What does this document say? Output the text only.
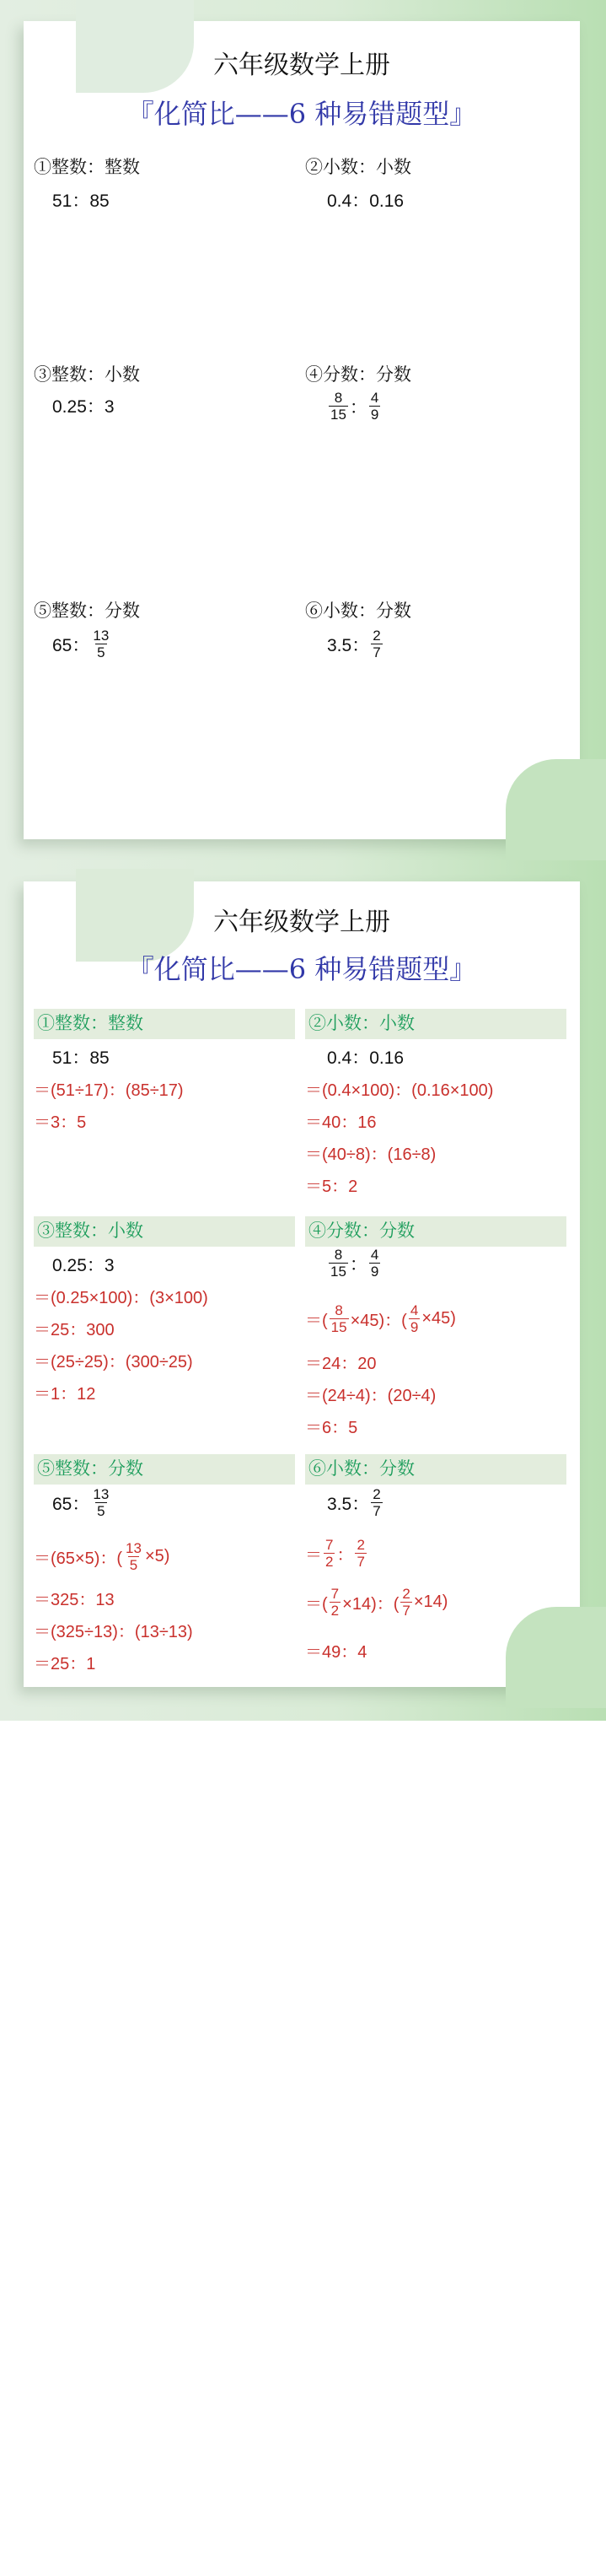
六年级数学上册
『化简比——6 种易错题型』
①整数：整数
51：85
②小数：小数
0.4：0.16
③整数：小数
0.25：3
④分数：分数
$\frac{8}{15}$ ： $\frac{4}{9}$
⑤整数：分数
65： $\frac{13}{5}$
⑥小数：分数
3.5： $\frac{2}{7}$
六年级数学上册
『化简比——6 种易错题型』
①整数：整数
51：85
＝(51÷17)：(85÷17)
＝3：5
②小数：小数
0.4：0.16
＝(0.4×100)：(0.16×100)
＝40：16
＝(40÷8)：(16÷8)
＝5：2
③整数：小数
0.25：3
＝(0.25×100)：(3×100)
＝25：300
＝(25÷25)：(300÷25)
＝1：12
④分数：分数
$\frac{8}{15}$ ： $\frac{4}{9}$
＝( $\frac{8}{15} \times 45$)：( $\frac{4}{9} \times 45$)
＝24：20
＝(24÷4)：(20÷4)
＝6：5
⑤整数：分数
65： $\frac{13}{5}$
＝(65×5)：( $\frac{13}{5} \times 5$)
＝325：13
＝(325÷13)：(13÷13)
＝25：1
⑥小数：分数
3.5： $\frac{2}{7}$
＝ $\frac{7}{2}$ ： $\frac{2}{7}$
＝( $\frac{7}{2} \times 14$)：( $\frac{2}{7} \times 14$)
＝49：4
